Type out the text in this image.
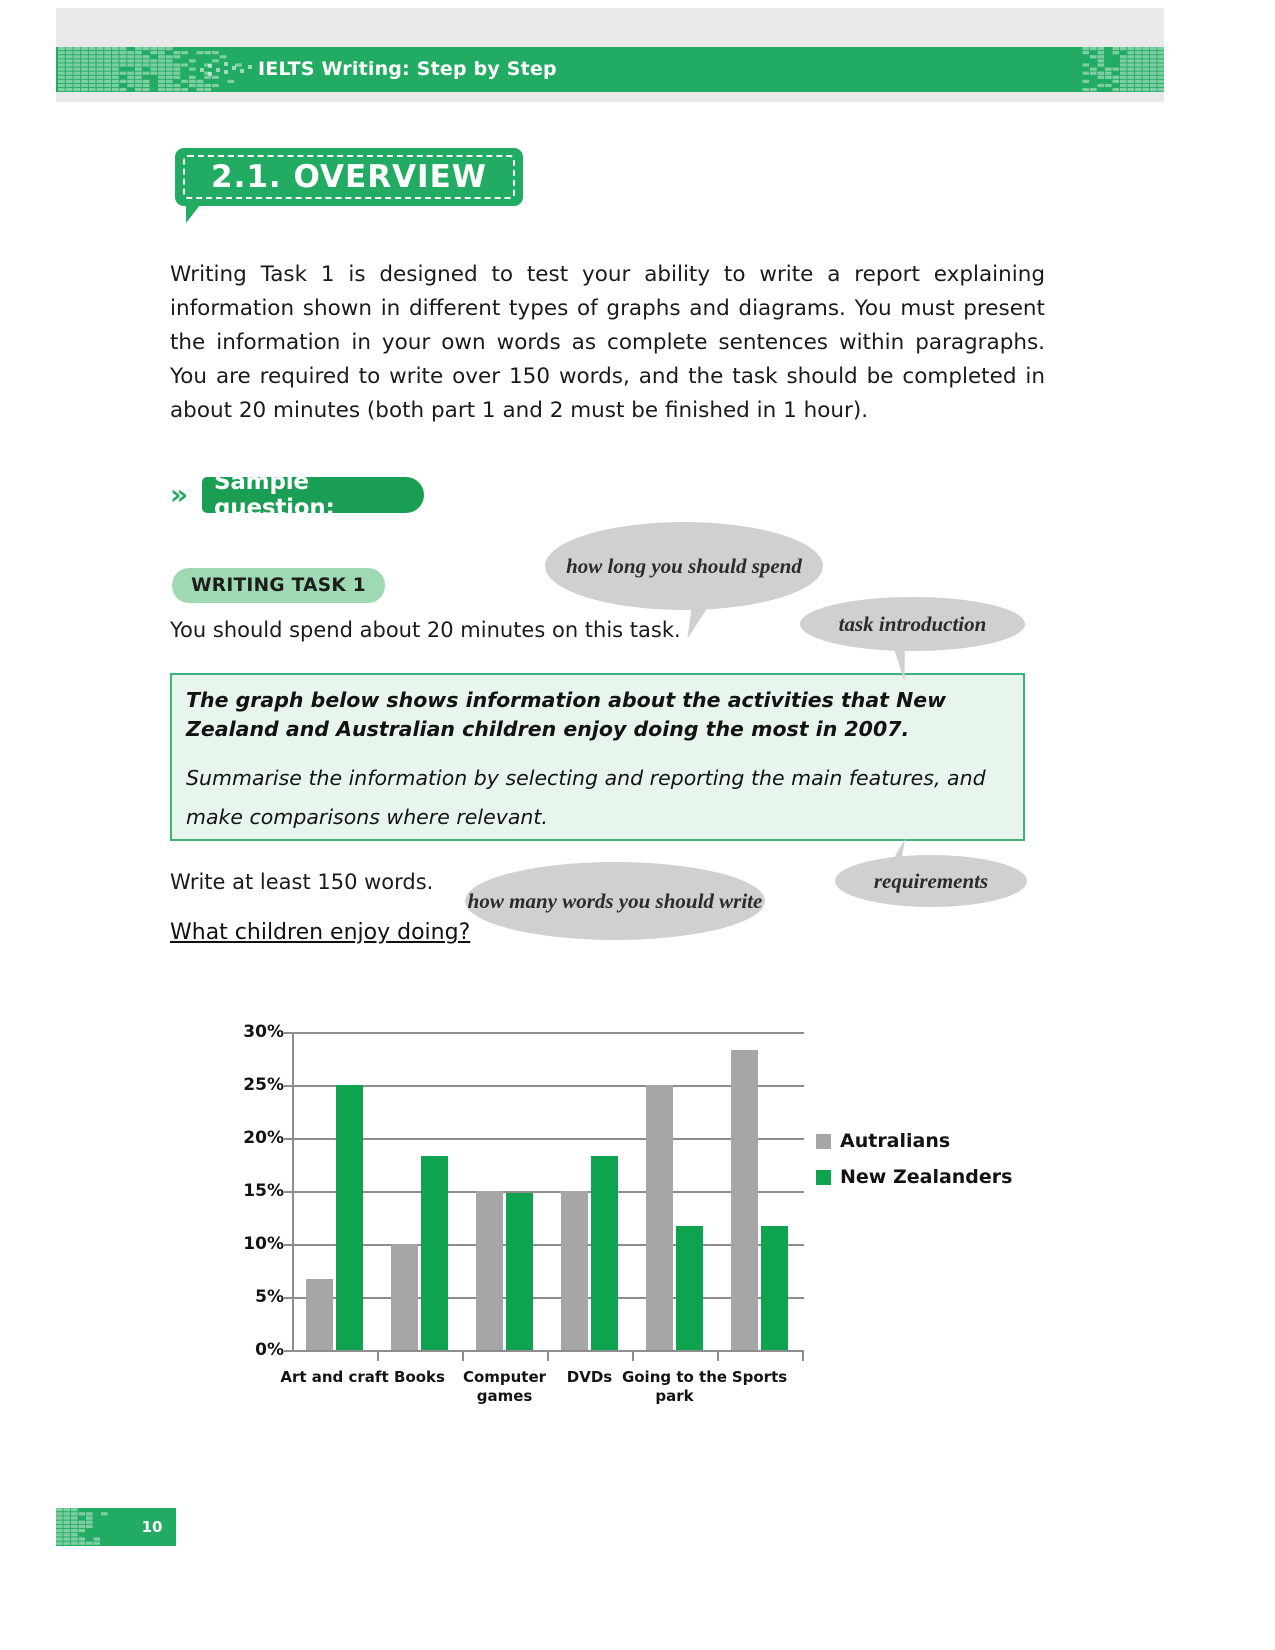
IELTS Writing: Step by Step
2.1. OVERVIEW
Writing Task 1 is designed to test your ability to write a report explaining information shown in different types of graphs and diagrams. You must present the information in your own words as complete sentences within paragraphs. You are required to write over 150 words, and the task should be completed in about 20 minutes (both part 1 and 2 must be finished in 1 hour).
» Sample question:
WRITING TASK 1
You should spend about 20 minutes on this task.

The graph below shows information about the activities that New Zealand and Australian children enjoy doing the most in 2007.

Summarise the information by selecting and reporting the main features, and make comparisons where relevant.

Write at least 150 words.
What children enjoy doing?
how long you should spend
task introduction
how many words you should write
requirements
0%
5%
10%
15%
20%
25%
30%
Art and craft Books	Computer games
DVDs Going to the park
Sports
Autralians
New Zealanders
10
